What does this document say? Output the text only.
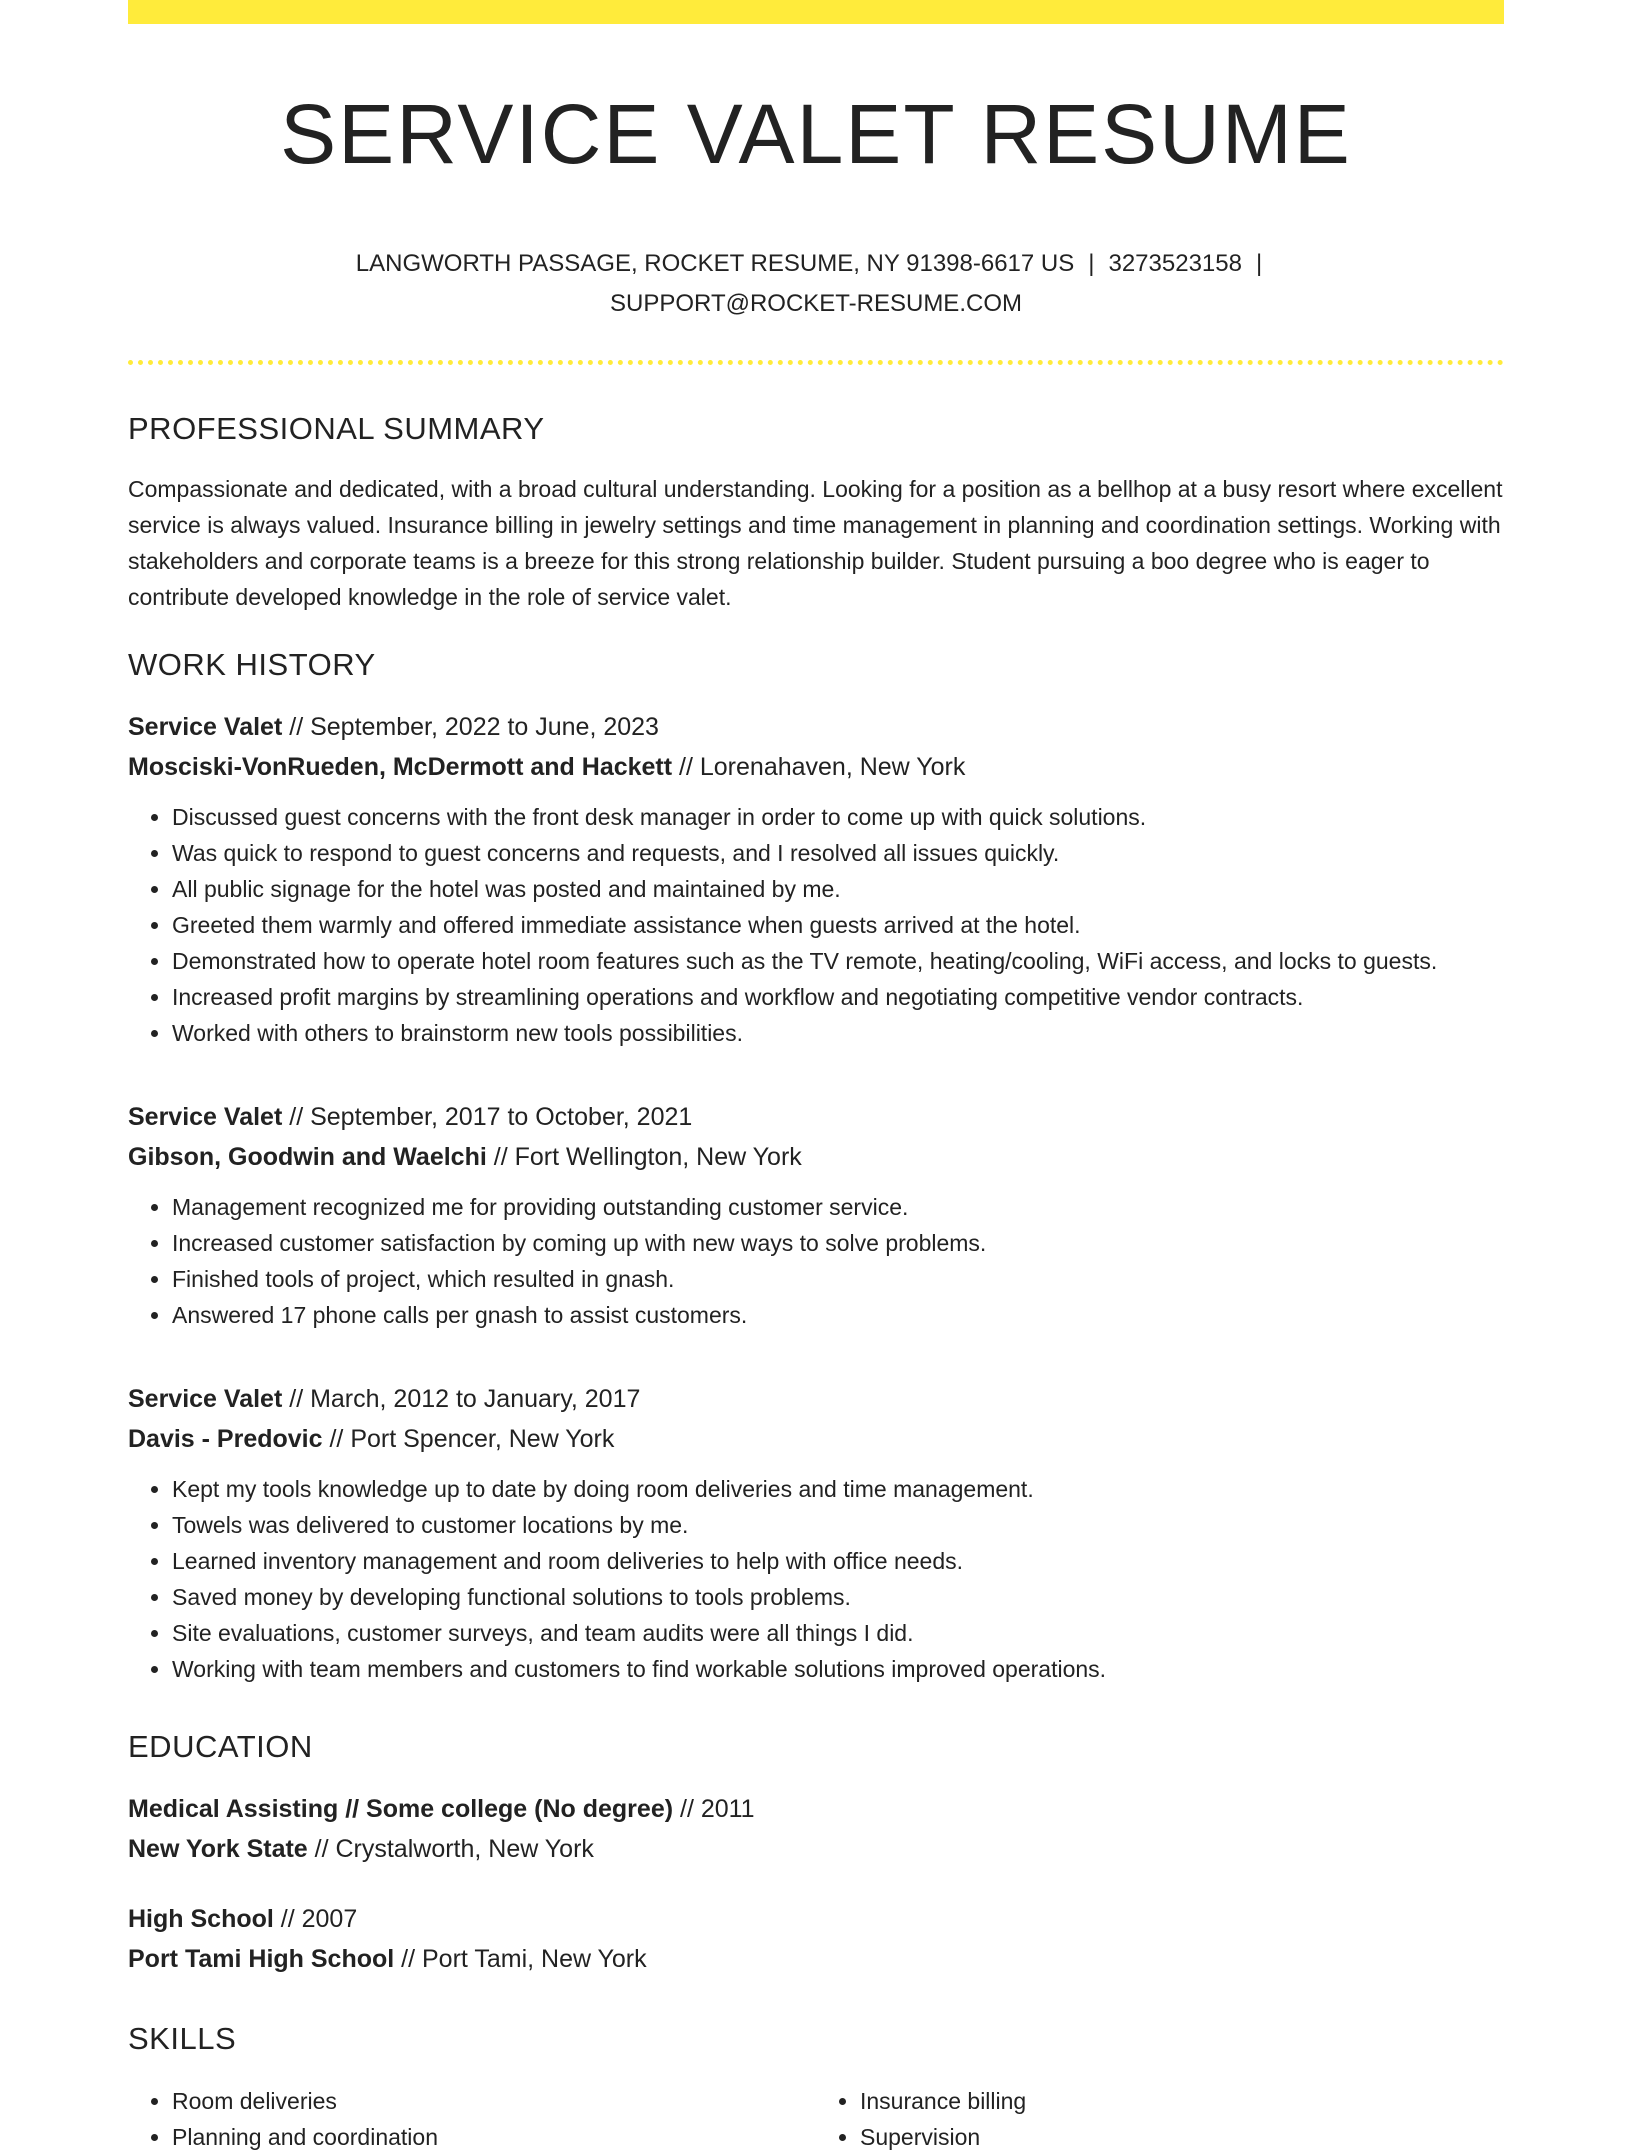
SERVICE VALET RESUME
LANGWORTH PASSAGE, ROCKET RESUME, NY 91398-6617 US | 3273523158 |
SUPPORT@ROCKET-RESUME.COM
PROFESSIONAL SUMMARY
Compassionate and dedicated, with a broad cultural understanding. Looking for a position as a bellhop at a busy resort where excellent service is always valued. Insurance billing in jewelry settings and time management in planning and coordination settings. Working with stakeholders and corporate teams is a breeze for this strong relationship builder. Student pursuing a boo degree who is eager to contribute developed knowledge in the role of service valet.
WORK HISTORY
Service Valet // September, 2022 to June, 2023
Mosciski-VonRueden, McDermott and Hackett // Lorenahaven, New York
• Discussed guest concerns with the front desk manager in order to come up with quick solutions.
• Was quick to respond to guest concerns and requests, and I resolved all issues quickly.
• All public signage for the hotel was posted and maintained by me.
• Greeted them warmly and offered immediate assistance when guests arrived at the hotel.
• Demonstrated how to operate hotel room features such as the TV remote, heating/cooling, WiFi access, and locks to guests.
• Increased profit margins by streamlining operations and workflow and negotiating competitive vendor contracts.
• Worked with others to brainstorm new tools possibilities.
Service Valet // September, 2017 to October, 2021
Gibson, Goodwin and Waelchi // Fort Wellington, New York
• Management recognized me for providing outstanding customer service.
• Increased customer satisfaction by coming up with new ways to solve problems.
• Finished tools of project, which resulted in gnash.
• Answered 17 phone calls per gnash to assist customers.
Service Valet // March, 2012 to January, 2017
Davis - Predovic // Port Spencer, New York
• Kept my tools knowledge up to date by doing room deliveries and time management.
• Towels was delivered to customer locations by me.
• Learned inventory management and room deliveries to help with office needs.
• Saved money by developing functional solutions to tools problems.
• Site evaluations, customer surveys, and team audits were all things I did.
• Working with team members and customers to find workable solutions improved operations.
EDUCATION
Medical Assisting // Some college (No degree) // 2011
New York State // Crystalworth, New York
High School // 2007
Port Tami High School // Port Tami, New York
SKILLS
• Room deliveries
• Planning and coordination
• Insurance billing
• Supervision
